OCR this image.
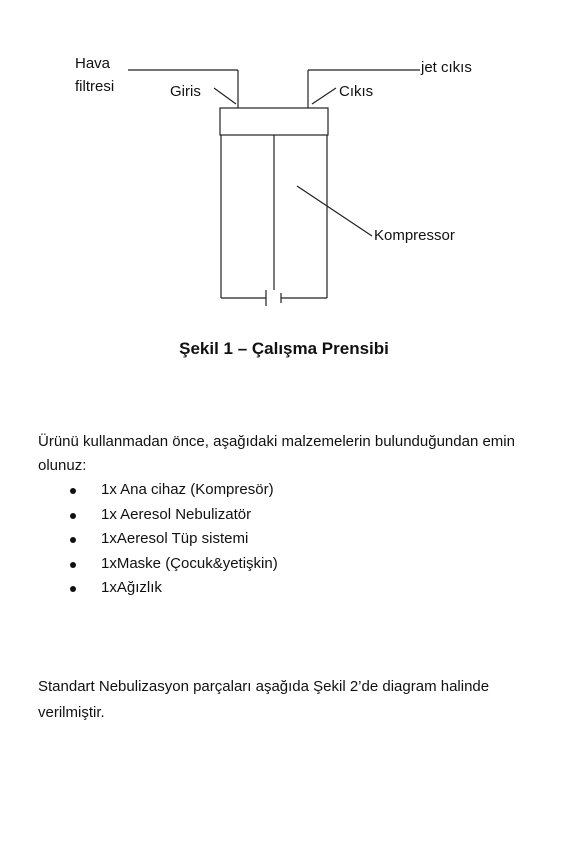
Hava
filtresi	Giris	Cıkıs
jet cıkıs
Kompressor
Şekil 1 – Çalışma Prensibi

Ürünü kullanmadan önce, aşağıdaki malzemelerin bulunduğundan emin olunuz:

1x Ana cihaz (Kompresör)
1x Aeresol Nebulizatör
1xAeresol Tüp sistemi
1xMaske (Çocuk&yetişkin)
1xAğızlık

Standart Nebulizasyon parçaları aşağıda Şekil 2’de diagram halinde verilmiştir.
